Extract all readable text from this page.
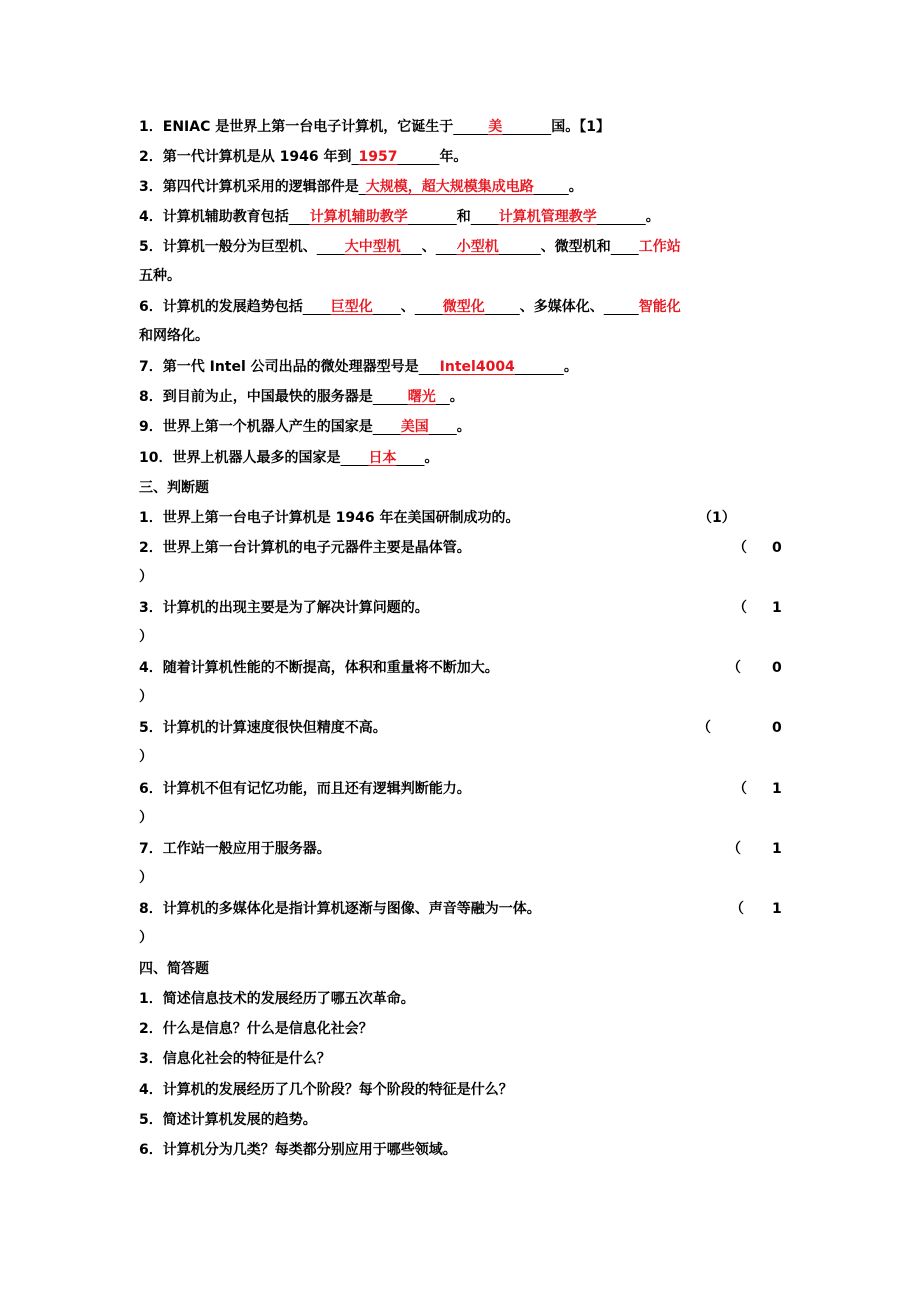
1．ENIAC 是世界上第一台电子计算机，它诞生于     	美       	国。【1】
2．第一代计算机是从 1946 年到  1957      	年。
3．第四代计算机采用的逻辑部件是  大规模，超大规模集成电路     	。
4．计算机辅助教育包括    计算机辅助教学       	和     计算机管理教学       	。
5．计算机一般分为巨型机、     大中型机    、    小型机      	、微型机和     工作站
五种。
6．计算机的发展趋势包括     巨型化     、     微型化     	、多媒体化、     	智能化
和网络化。
7．第一代 Intel 公司出品的微处理器型号是    Intel4004       	。
8．到目前为止，中国最快的服务器是     	曙光   。
9．世界上第一个机器人产生的国家是     美国     。
10．世界上机器人最多的国家是     日本     。
三、判断题
1．世界上第一台电子计算机是 1946 年在美国研制成功的。	（1）
2．世界上第一台计算机的电子元器件主要是晶体管。	（ 0
）
3．计算机的出现主要是为了解决计算问题的。	（ 1
）
4．随着计算机性能的不断提高，体积和重量将不断加大。	（ 0
）
5．计算机的计算速度很快但精度不高。	（	0
）
6．计算机不但有记忆功能，而且还有逻辑判断能力。	（ 1
）
7．工作站一般应用于服务器。	（ 1
）
8．计算机的多媒体化是指计算机逐渐与图像、声音等融为一体。	（ 1
）
四、简答题
1．简述信息技术的发展经历了哪五次革命。
2．什么是信息？什么是信息化社会？
3．信息化社会的特征是什么？
4．计算机的发展经历了几个阶段？每个阶段的特征是什么？
5．简述计算机发展的趋势。
6．计算机分为几类？每类都分别应用于哪些领域。
